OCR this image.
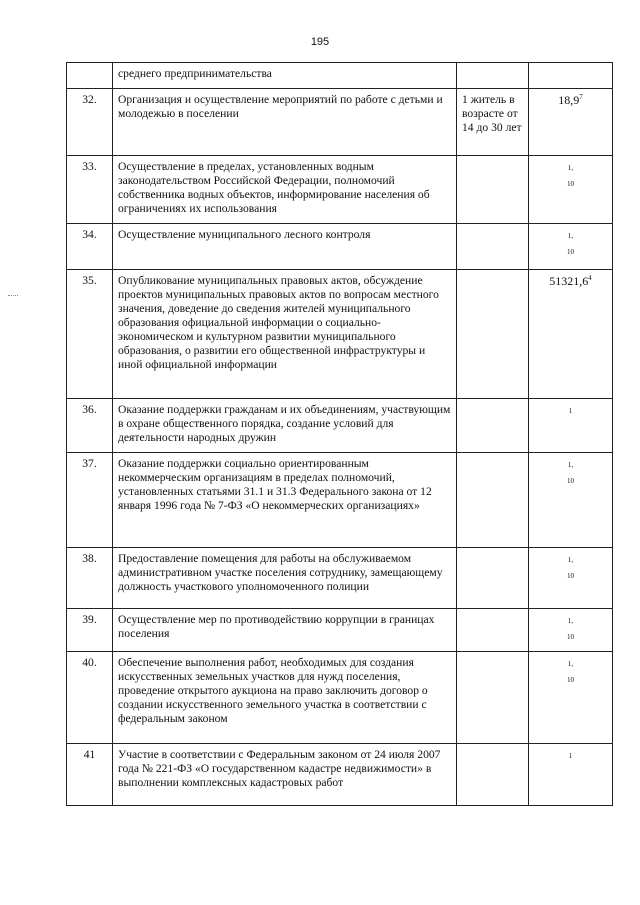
195
	среднего предпринимательства		
32.	Организация и осуществление мероприятий по работе с детьми и молодежью в поселении	1 житель в возрасте от 14 до 30 лет	18,9$^7$
33.	Осуществление в пределах, установленных водным законодательством Российской Федерации, полномочий собственника водных объектов, информирование населения об ограничениях их использования		1,
10

34.	Осуществление муниципального лесного контроля		1,
10

35.	Опубликование муниципальных правовых актов, обсуждение проектов муниципальных правовых актов по вопросам местного значения, доведение до сведения жителей муниципального образования официальной информации о социально-экономическом и культурном развитии муниципального образования, о развитии его общественной инфраструктуры и иной официальной информации		51321,6$^4$
36.	Оказание поддержки гражданам и их объединениям, участвующим в охране общественного порядка, создание условий для деятельности народных дружин		1

37.	Оказание поддержки социально ориентированным некоммерческим организациям в пределах полномочий, установленных статьями 31.1 и 31.3 Федерального закона от 12 января 1996 года № 7-ФЗ «О некоммерческих организациях»		1,
10

38.	Предоставление помещения для работы на обслуживаемом административном участке поселения сотруднику, замещающему должность участкового уполномоченного полиции		1,
10

39.	Осуществление мер по противодействию коррупции в границах поселения		1,
10

40.	Обеспечение выполнения работ, необходимых для создания искусственных земельных участков для нужд поселения, проведение открытого аукциона на право заключить договор о создании искусственного земельного участка в соответствии с федеральным законом		1,
10

41	Участие в соответствии с Федеральным законом от 24 июля 2007 года № 221-ФЗ «О государственном кадастре недвижимости» в выполнении комплексных кадастровых работ		1
